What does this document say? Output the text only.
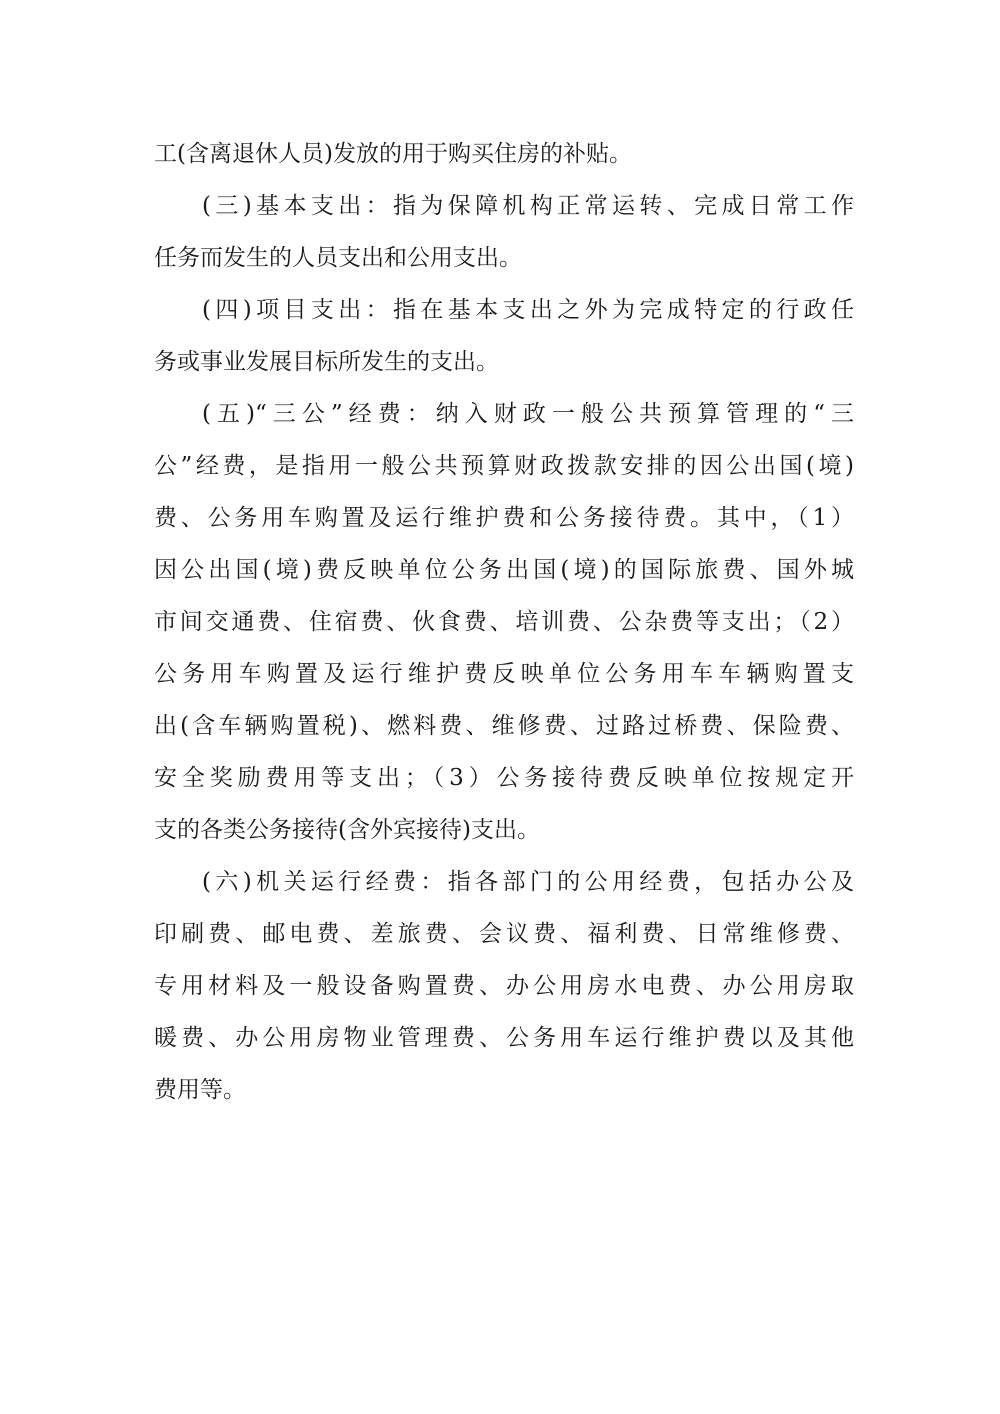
工(含离退休人员)发放的用于购买住房的补贴。
(三)基本支出：指为保障机构正常运转、完成日常工作
任务而发生的人员支出和公用支出。
(四)项目支出：指在基本支出之外为完成特定的行政任
务或事业发展目标所发生的支出。
(五)“三公”经费：纳入财政一般公共预算管理的“三
公”经费，是指用一般公共预算财政拨款安排的因公出国(境)
费、公务用车购置及运行维护费和公务接待费。其中，（1）
因公出国(境)费反映单位公务出国(境)的国际旅费、国外城
市间交通费、住宿费、伙食费、培训费、公杂费等支出；（2）
公务用车购置及运行维护费反映单位公务用车车辆购置支
出(含车辆购置税)、燃料费、维修费、过路过桥费、保险费、
安全奖励费用等支出；（3）公务接待费反映单位按规定开
支的各类公务接待(含外宾接待)支出。
(六)机关运行经费：指各部门的公用经费，包括办公及
印刷费、邮电费、差旅费、会议费、福利费、日常维修费、
专用材料及一般设备购置费、办公用房水电费、办公用房取
暖费、办公用房物业管理费、公务用车运行维护费以及其他
费用等。
